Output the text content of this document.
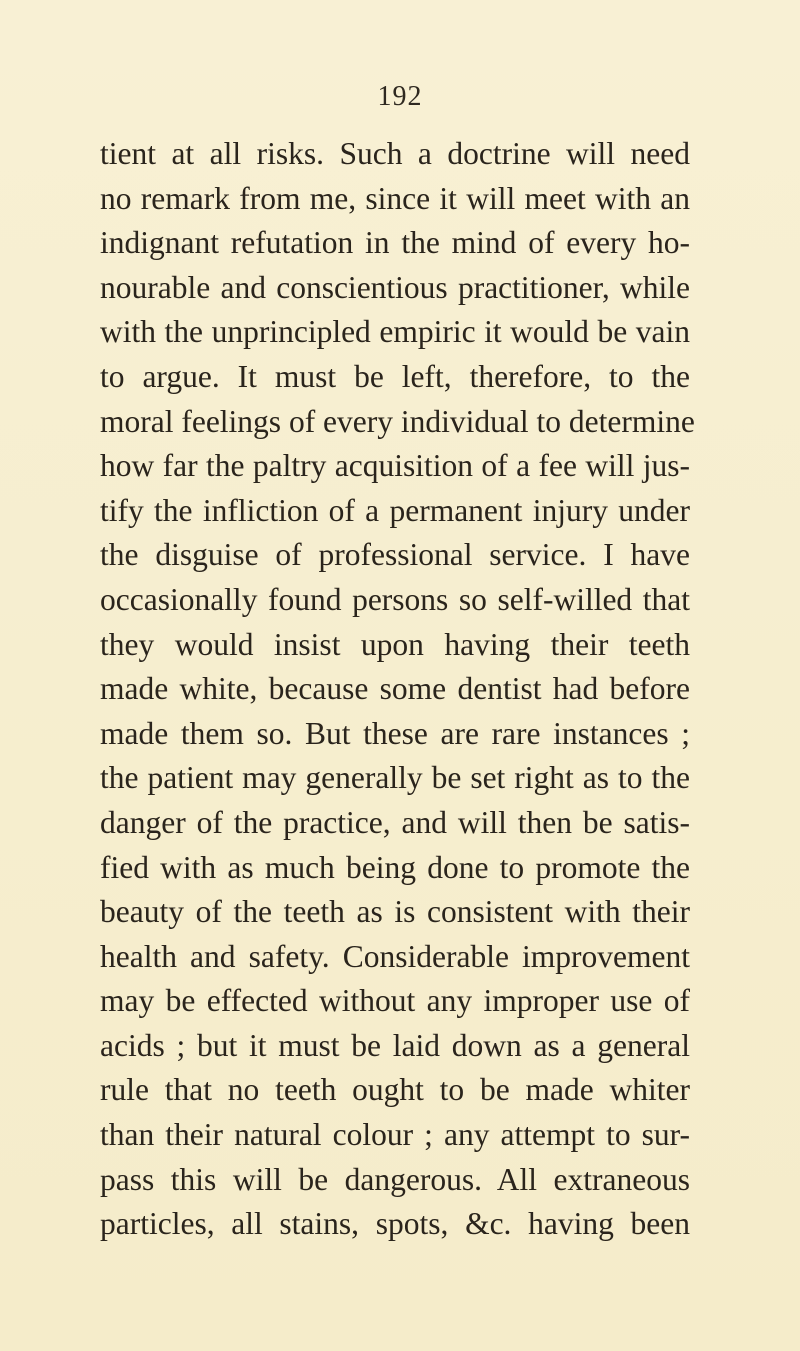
192
tient at all risks. Such a doctrine will need
no remark from me, since it will meet with an
indignant refutation in the mind of every ho-
nourable and conscientious practitioner, while
with the unprincipled empiric it would be vain
to argue. It must be left, therefore, to the
moral feelings of every individual to determine
how far the paltry acquisition of a fee will jus-
tify the infliction of a permanent injury under
the disguise of professional service. I have
occasionally found persons so self-willed that
they would insist upon having their teeth
made white, because some dentist had before
made them so. But these are rare instances ;
the patient may generally be set right as to the
danger of the practice, and will then be satis-
fied with as much being done to promote the
beauty of the teeth as is consistent with their
health and safety. Considerable improvement
may be effected without any improper use of
acids ; but it must be laid down as a general
rule that no teeth ought to be made whiter
than their natural colour ; any attempt to sur-
pass this will be dangerous. All extraneous
particles, all stains, spots, &c. having been
